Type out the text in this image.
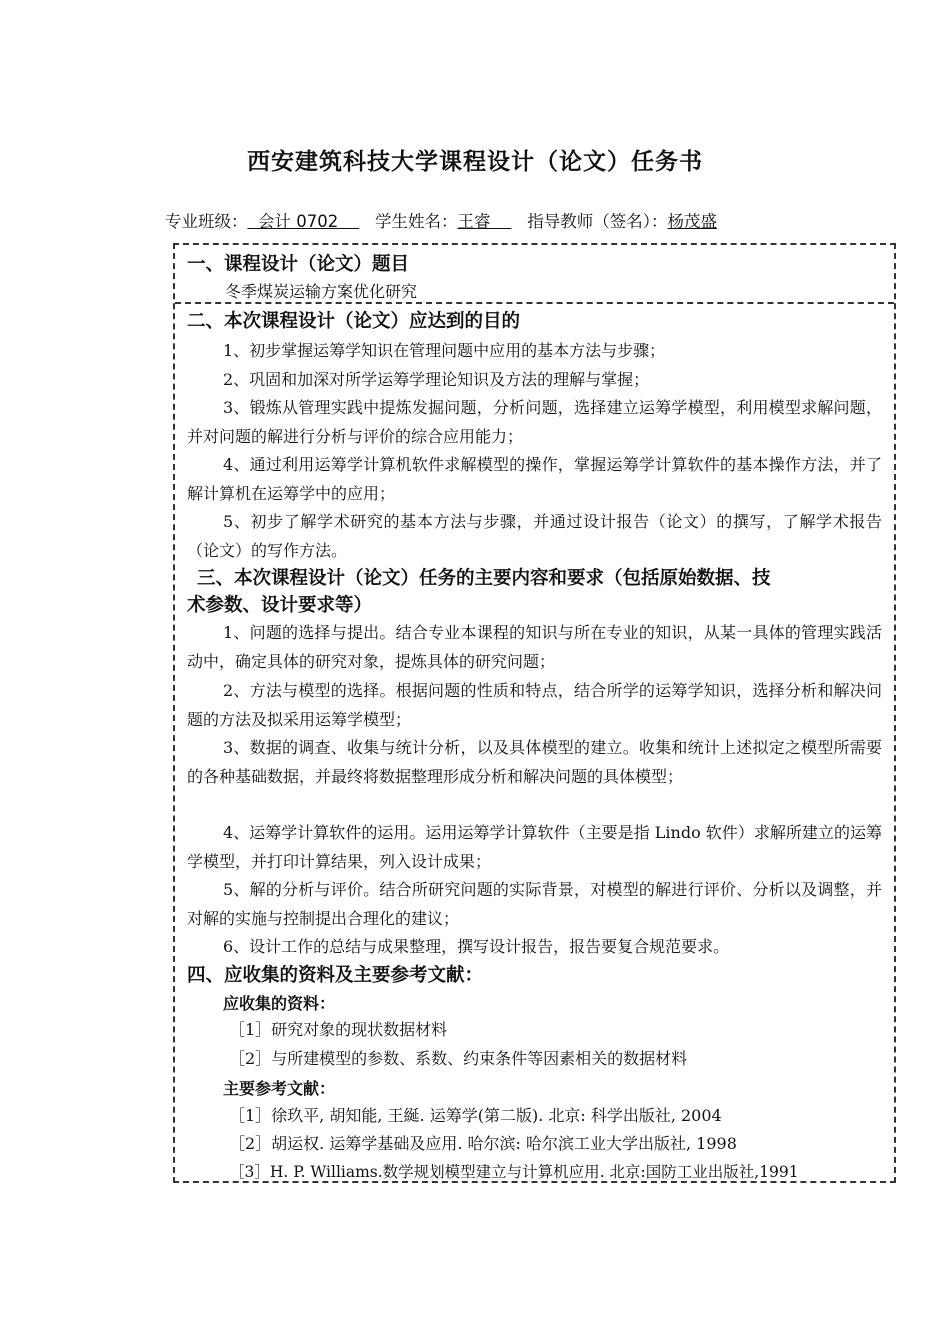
西安建筑科技大学课程设计（论文）任务书
专业班级： 会计 0702 学生姓名：王睿 指导教师（签名）：杨茂盛
一、课程设计（论文）题目
冬季煤炭运输方案优化研究
二、本次课程设计（论文）应达到的目的
1、初步掌握运筹学知识在管理问题中应用的基本方法与步骤；
2、巩固和加深对所学运筹学理论知识及方法的理解与掌握；
3、锻炼从管理实践中提炼发掘问题，分析问题，选择建立运筹学模型，利用模型求解问题，并对问题的解进行分析与评价的综合应用能力；
4、通过利用运筹学计算机软件求解模型的操作，掌握运筹学计算软件的基本操作方法，并了解计算机在运筹学中的应用；
5、初步了解学术研究的基本方法与步骤，并通过设计报告（论文）的撰写，了解学术报告（论文）的写作方法。
三、本次课程设计（论文）任务的主要内容和要求（包括原始数据、技
术参数、设计要求等）
1、问题的选择与提出。结合专业本课程的知识与所在专业的知识，从某一具体的管理实践活动中，确定具体的研究对象，提炼具体的研究问题；
2、方法与模型的选择。根据问题的性质和特点，结合所学的运筹学知识，选择分析和解决问题的方法及拟采用运筹学模型；
3、数据的调查、收集与统计分析，以及具体模型的建立。收集和统计上述拟定之模型所需要的各种基础数据，并最终将数据整理形成分析和解决问题的具体模型；
4、运筹学计算软件的运用。运用运筹学计算软件（主要是指 Lindo 软件）求解所建立的运筹学模型，并打印计算结果，列入设计成果；
5、解的分析与评价。结合所研究问题的实际背景，对模型的解进行评价、分析以及调整，并对解的实施与控制提出合理化的建议；
6、设计工作的总结与成果整理，撰写设计报告，报告要复合规范要求。
四、应收集的资料及主要参考文献：
应收集的资料：
［1］研究对象的现状数据材料
［2］与所建模型的参数、系数、约束条件等因素相关的数据材料
主要参考文献：
［1］徐玖平, 胡知能, 王綖. 运筹学(第二版). 北京: 科学出版社, 2004
［2］胡运权. 运筹学基础及应用. 哈尔滨: 哈尔滨工业大学出版社, 1998
［3］H. P. Williams.数学规划模型建立与计算机应用. 北京:国防工业出版社,1991
